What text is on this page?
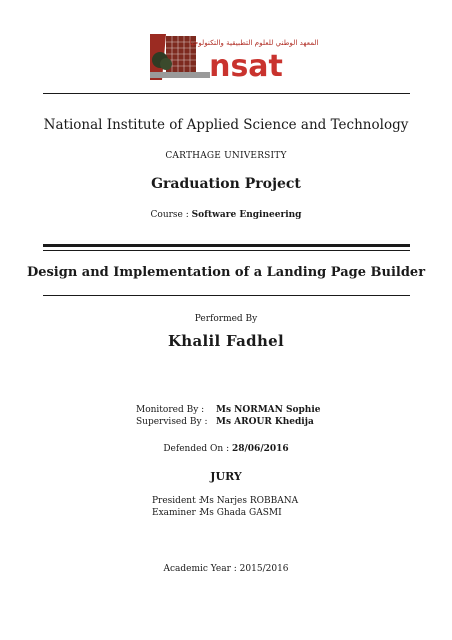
المعهد الوطني للعلوم التطبيقية والتكنولوجيا
nsat
National Institute of Applied Science and Technology
CARTHAGE UNIVERSITY
Graduation Project
Course : Software Engineering
Design and Implementation of a Landing Page Builder
Performed By
Khalil Fadhel
Monitored By : Ms NORMAN Sophie
Supervised By : Ms AROUR Khedija
Defended On : 28/06/2016
JURY
President :
Ms Narjes ROBBANA
Examiner :
Ms Ghada GASMI
Academic Year : 2015/2016
